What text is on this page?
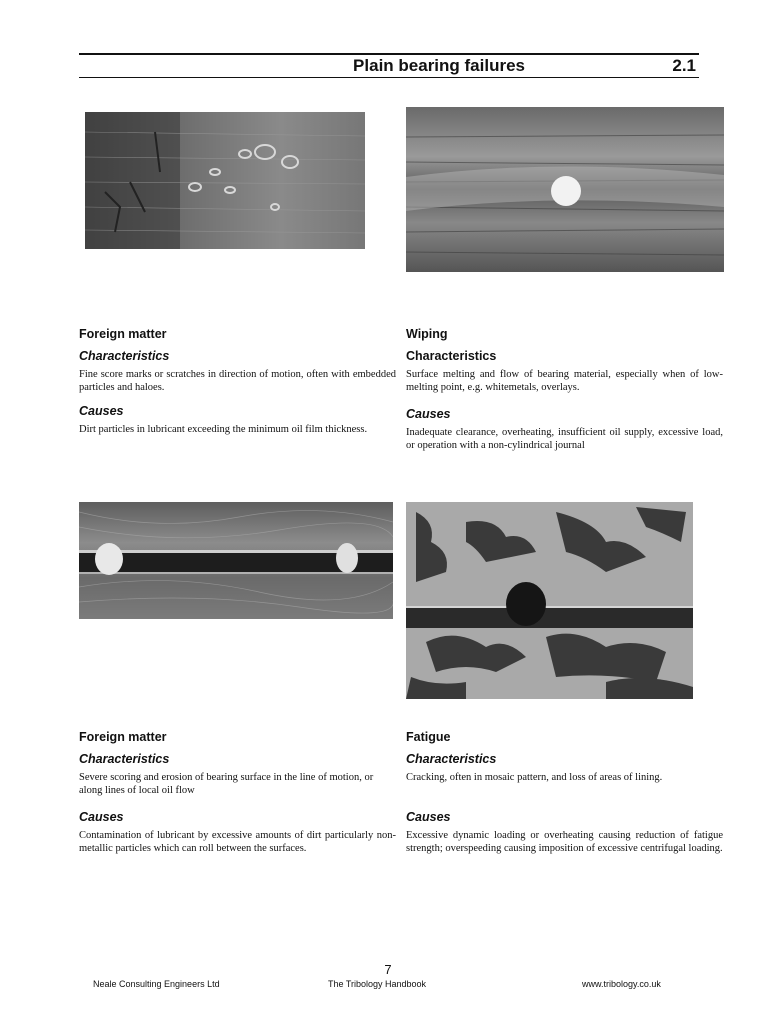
Plain bearing failures	2.1
Foreign matter
Characteristics

Fine score marks or scratches in direction of motion, often with embedded particles and haloes.

Causes

Dirt particles in lubricant exceeding the minimum oil film thickness.

Wiping
Characteristics

Surface melting and flow of bearing material, especially when of low-melting point, e.g. whitemetals, overlays.

Causes

Inadequate clearance, overheating, insufficient oil supply, excessive load, or operation with a non-cylindrical journal

Foreign matter
Characteristics

Severe scoring and erosion of bearing surface in the line of motion, or along lines of local oil flow

Causes

Contamination of lubricant by excessive amounts of dirt particularly non-metallic particles which can roll between the surfaces.

Fatigue
Characteristics

Cracking, often in mosaic pattern, and loss of areas of lining.

Causes

Excessive dynamic loading or overheating causing reduction of fatigue strength; overspeeding causing imposition of excessive centrifugal loading.

7
Neale Consulting Engineers Ltd	The Tribology Handbook	www.tribology.co.uk
